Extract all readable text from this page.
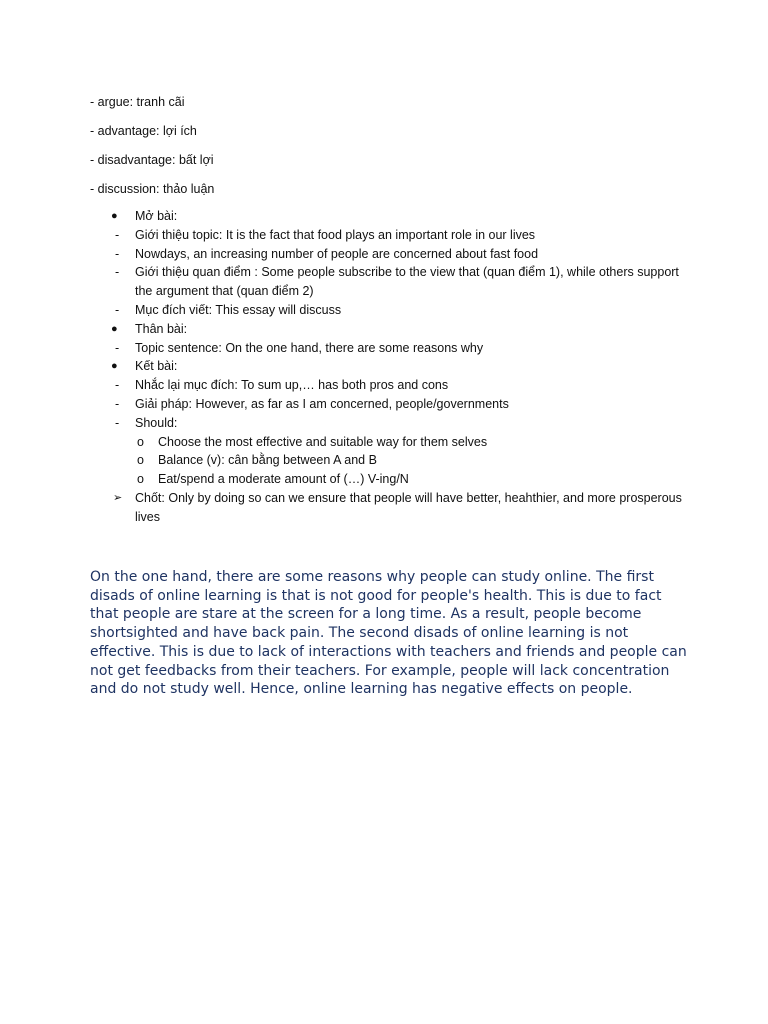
- argue: tranh cãi
- advantage: lợi ích
- disadvantage: bất lợi
- discussion: thảo luận
●	Mở bài:
-	Giới thiệu topic: It is the fact that food plays an important role in our lives
-	Nowdays, an increasing number of people are concerned about fast food
-	Giới thiệu quan điểm : Some people subscribe to the view that (quan điểm 1), while others support the argument that (quan điểm 2)
-	Mục đích viết: This essay will discuss
●	Thân bài:
-	Topic sentence: On the one hand, there are some reasons why
●	Kết bài:
-	Nhắc lại mục đích: To sum up,… has both pros and cons
-	Giải pháp: However, as far as I am concerned, people/governments
-	Should:
o	Choose the most effective and suitable way for them selves
o	Balance (v): cân bằng between A and B
o	Eat/spend a moderate amount of (…) V-ing/N
➢	Chốt: Only by doing so can we ensure that people will have better, heahthier, and more prosperous lives
On the one hand, there are some reasons why people can study online. The first disads of online learning is that is not good for people's health. This is due to fact that people are stare at the screen for a long time. As a result, people become shortsighted and have back pain. The second disads of online learning is not effective. This is due to lack of interactions with teachers and friends and people can not get feedbacks from their teachers. For example, people will lack concentration and do not study well. Hence, online learning has negative effects on people.
